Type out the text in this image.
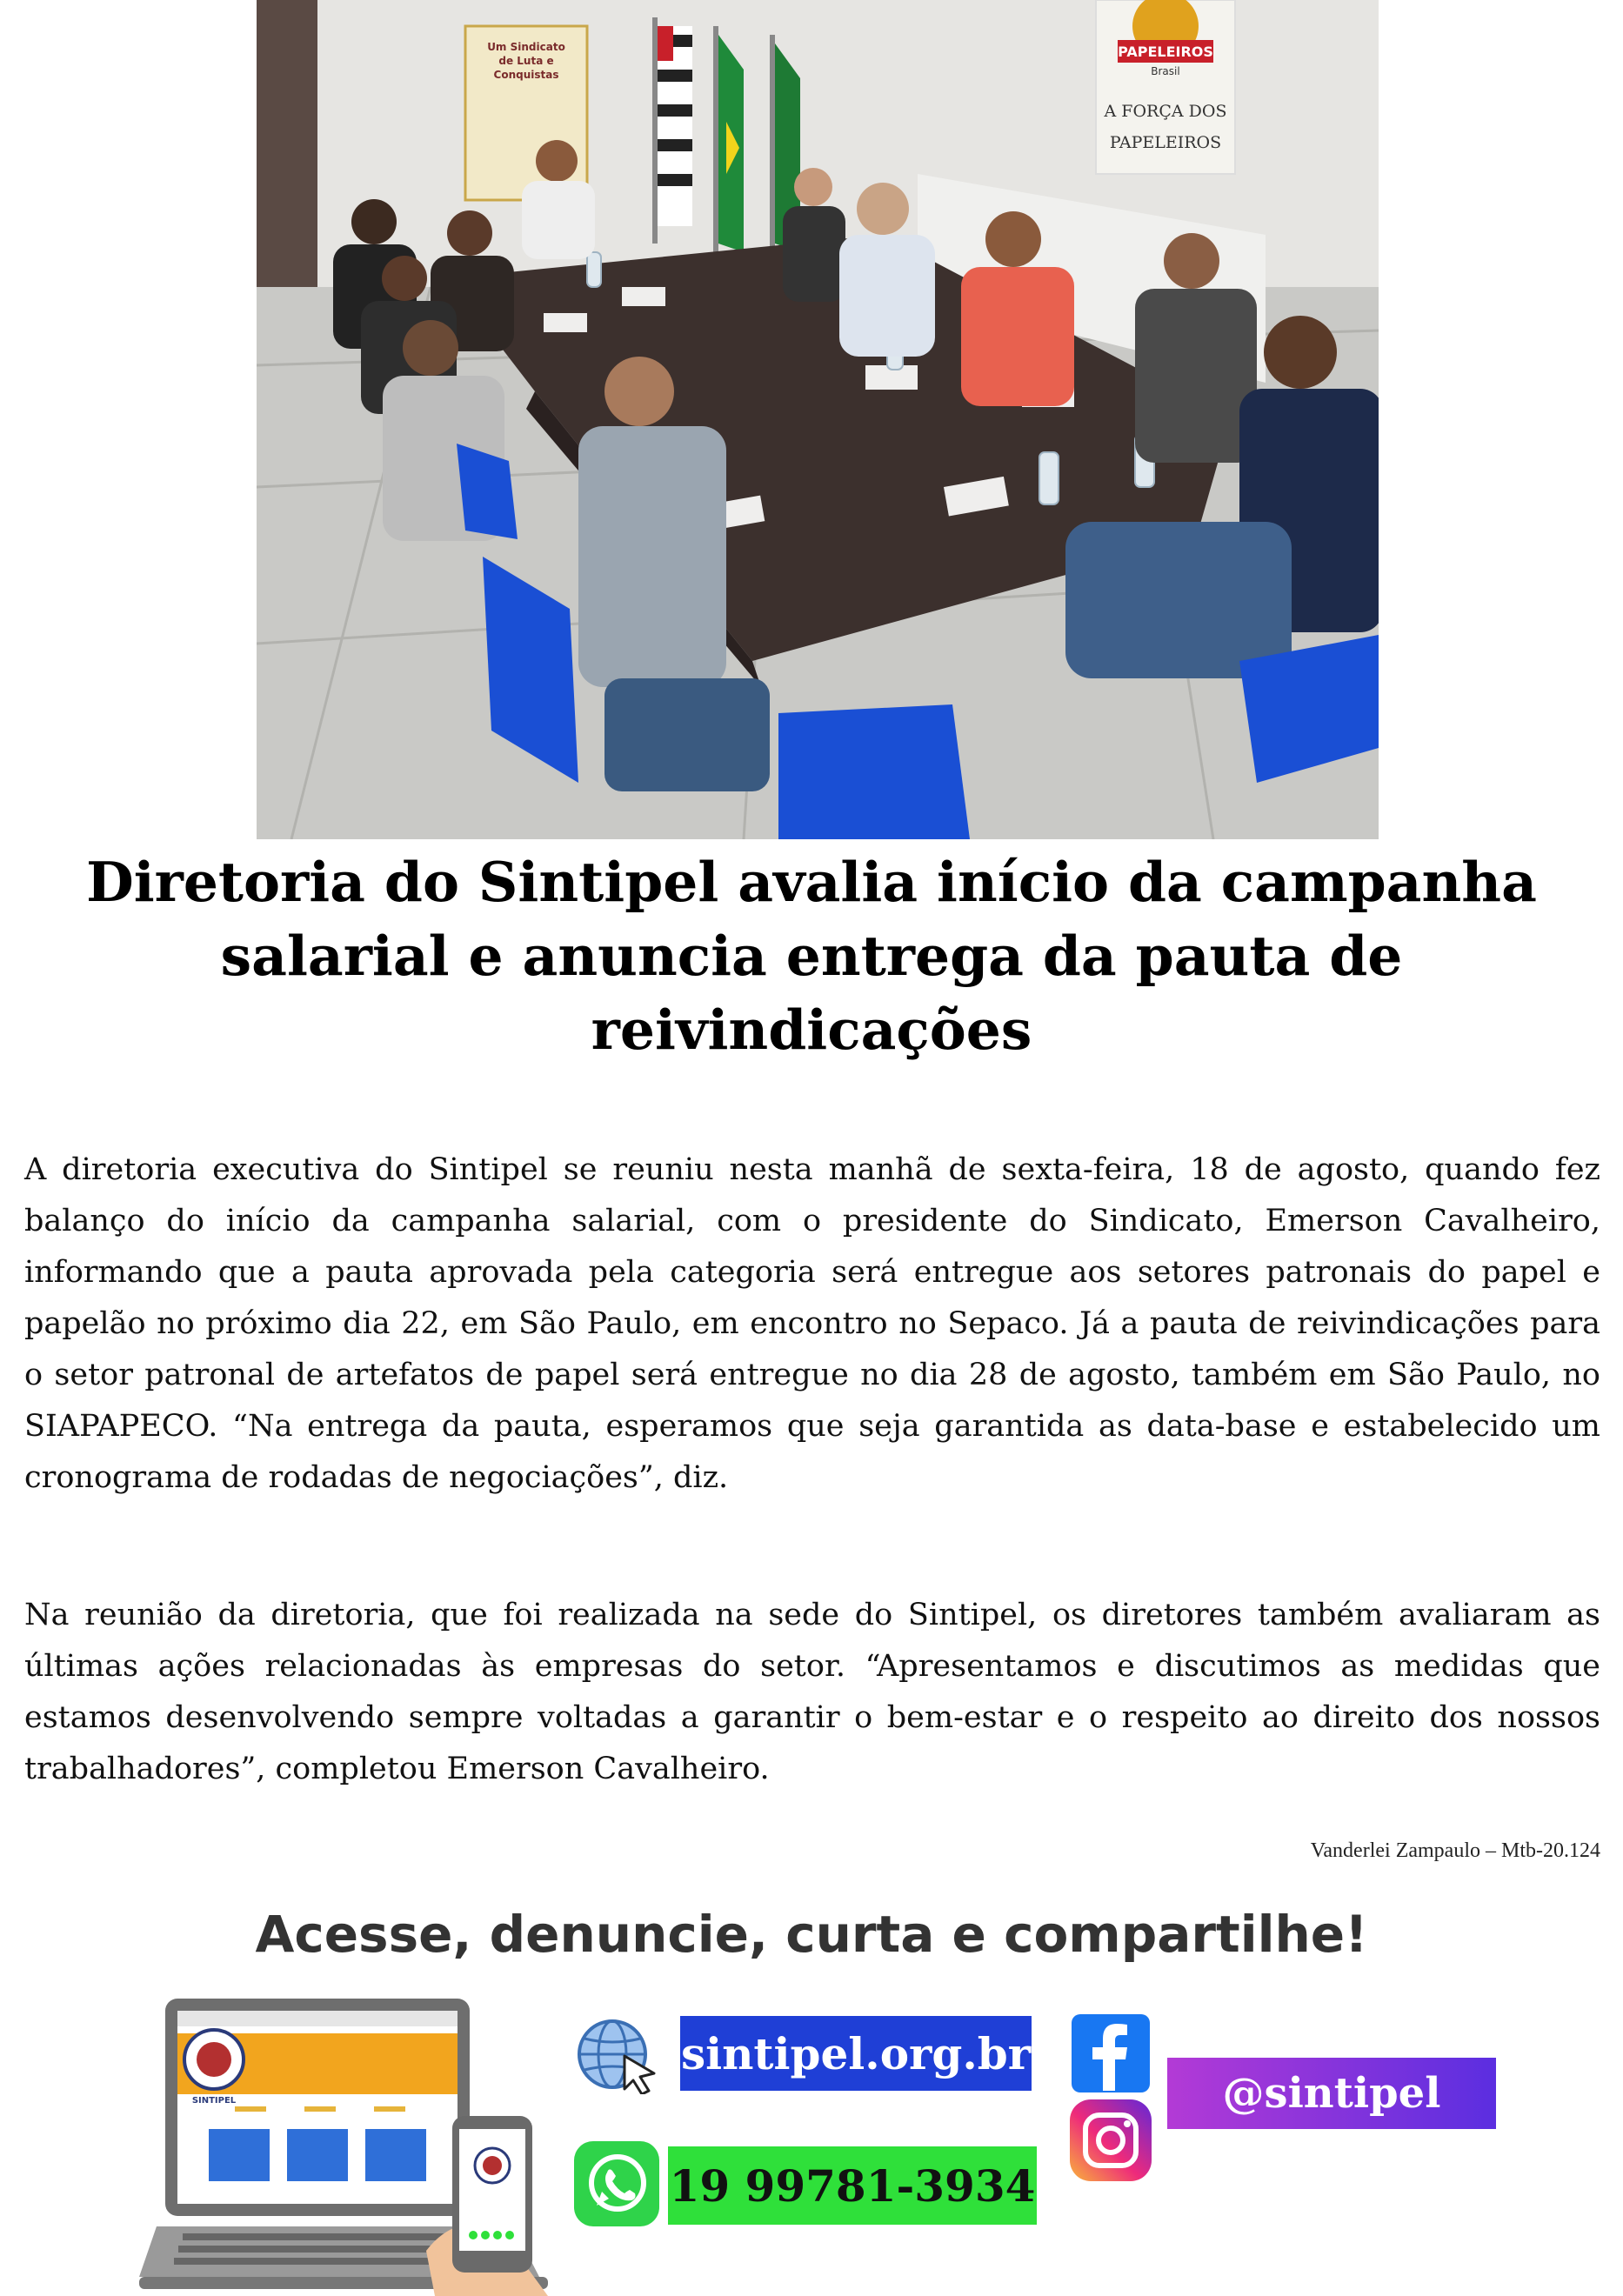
Um Sindicato
de Luta e
Conquistas
PAPELEIROS
Brasil
A FORÇA DOS
PAPELEIROS
Diretoria do Sintipel avalia início da campanha salarial e anuncia entrega da pauta de reivindicações

A diretoria executiva do Sintipel se reuniu nesta manhã de sexta-feira, 18 de agosto, quando fez balanço do início da campanha salarial, com o presidente do Sindicato, Emerson Cavalheiro, informando que a pauta aprovada pela categoria será entregue aos setores patronais do papel e papelão no próximo dia 22, em São Paulo, em encontro no Sepaco. Já a pauta de reivindicações para o setor patronal de artefatos de papel será entregue no dia 28 de agosto, também em São Paulo, no SIAPAPECO. “Na entrega da pauta, esperamos que seja garantida as data-base e estabelecido um cronograma de rodadas de negociações”, diz.

Na reunião da diretoria, que foi realizada na sede do Sintipel, os diretores também avaliaram as últimas ações relacionadas às empresas do setor. “Apresentamos e discutimos as medidas que estamos desenvolvendo sempre voltadas a garantir o bem-estar e o respeito ao direito dos nossos trabalhadores”, completou Emerson Cavalheiro.

Vanderlei Zampaulo – Mtb-20.124
Acesse, denuncie, curta e compartilhe!
SINTIPEL
sintipel.org.br
19 99781-3934
@sintipel
